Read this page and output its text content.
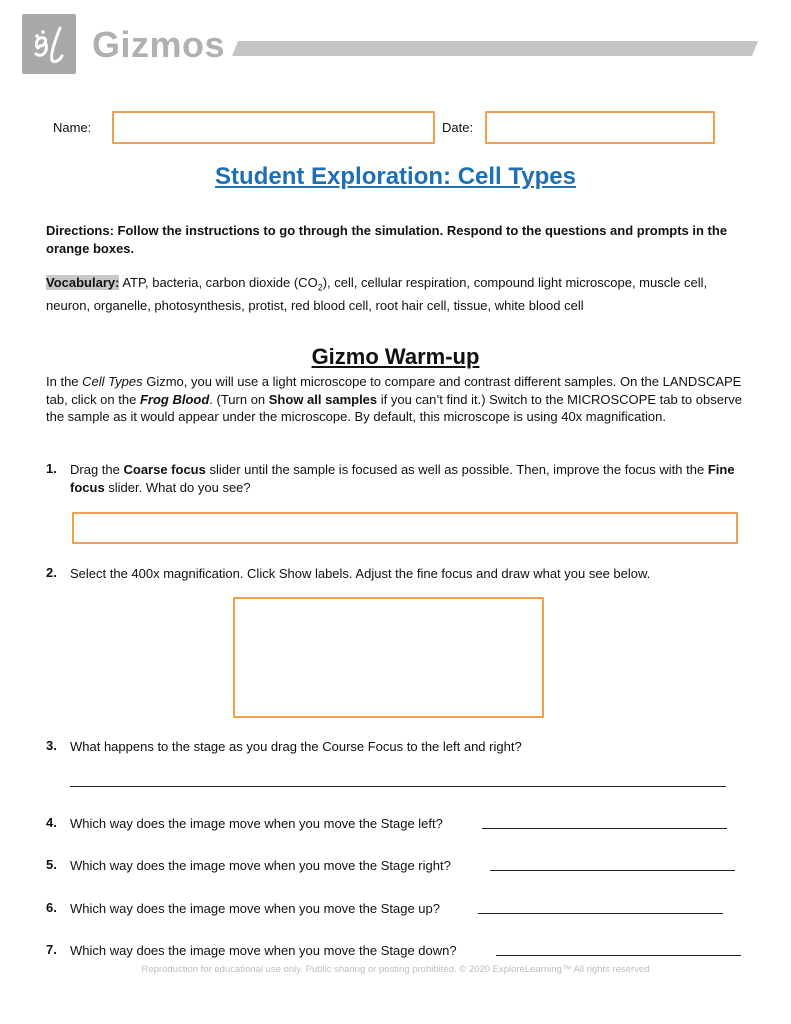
Gizmos
Name:	Date:
Student Exploration: Cell Types
Directions: Follow the instructions to go through the simulation. Respond to the questions and prompts in the orange boxes.
Vocabulary: ATP, bacteria, carbon dioxide $(CO_2)$, cell, cellular respiration, compound light microscope, muscle cell, neuron, organelle, photosynthesis, protist, red blood cell, root hair cell, tissue, white blood cell
Gizmo Warm-up
In the Cell Types Gizmo, you will use a light microscope to compare and contrast different samples. On the LANDSCAPE tab, click on the Frog Blood. (Turn on Show all samples if you can’t find it.) Switch to the MICROSCOPE tab to observe the sample as it would appear under the microscope. By default, this microscope is using 40x magnification.
1. Drag the Coarse focus slider until the sample is focused as well as possible. Then, improve the focus with the Fine focus slider. What do you see?
2. Select the 400x magnification. Click Show labels. Adjust the fine focus and draw what you see below.
3. What happens to the stage as you drag the Course Focus to the left and right?
4. Which way does the image move when you move the Stage left?
5. Which way does the image move when you move the Stage right?
6. Which way does the image move when you move the Stage up?
7. Which way does the image move when you move the Stage down?
Reproduction for educational use only. Public sharing or posting prohibited. © 2020 ExploreLearning™ All rights reserved
